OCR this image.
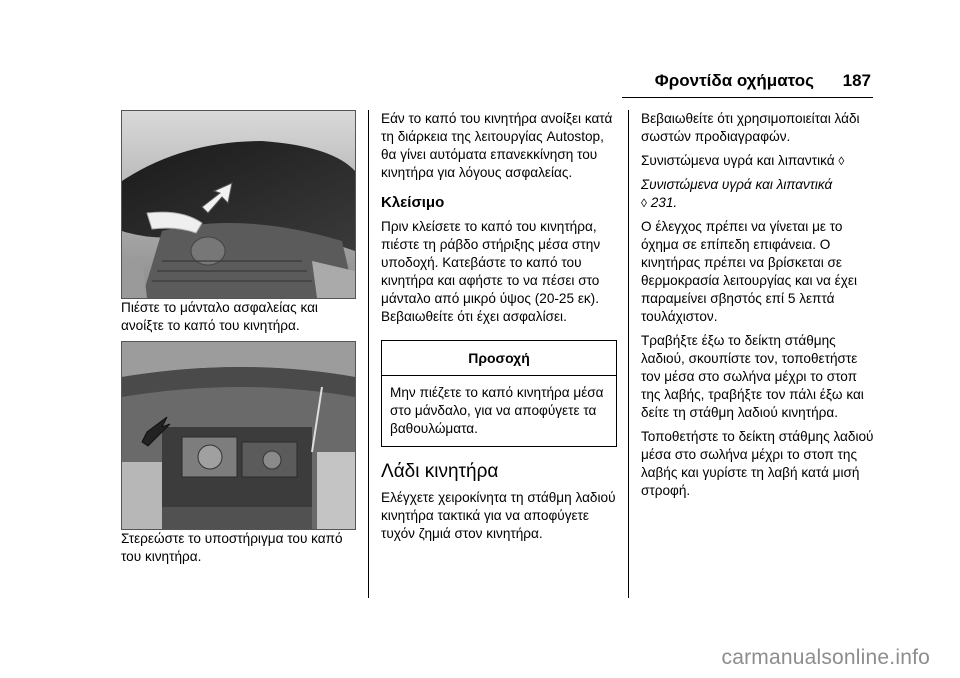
Φροντίδα οχήματος 187

Πιέστε το μάνταλο ασφαλείας και ανοίξτε το καπό του κινητήρα.

Στερεώστε το υποστήριγμα του καπό του κινητήρα.

Εάν το καπό του κινητήρα ανοίξει κατά τη διάρκεια της λειτουργίας Autostop, θα γίνει αυτόματα επανεκκίνηση του κινητήρα για λόγους ασφαλείας.

Κλείσιμο

Πριν κλείσετε το καπό του κινητήρα, πιέστε τη ράβδο στήριξης μέσα στην υποδοχή. Κατεβάστε το καπό του κινητήρα και αφήστε το να πέσει στο μάνταλο από μικρό ύψος (20-25 εκ). Βεβαιωθείτε ότι έχει ασφαλίσει.

Προσοχή
Μην πιέζετε το καπό κινητήρα μέσα στο μάνδαλο, για να αποφύγετε τα βαθουλώματα.
Λάδι κινητήρα

Ελέγχετε χειροκίνητα τη στάθμη λαδιού κινητήρα τακτικά για να αποφύγετε τυχόν ζημιά στον κινητήρα.

Βεβαιωθείτε ότι χρησιμοποιείται λάδι σωστών προδιαγραφών.

Συνιστώμενα υγρά και λιπαντικά ◊

Συνιστώμενα υγρά και λιπαντικά
◊ 231.

Ο έλεγχος πρέπει να γίνεται με το όχημα σε επίπεδη επιφάνεια. Ο κινητήρας πρέπει να βρίσκεται σε θερμοκρασία λειτουργίας και να έχει παραμείνει σβηστός επί 5 λεπτά τουλάχιστον.

Τραβήξτε έξω το δείκτη στάθμης λαδιού, σκουπίστε τον, τοποθετήστε τον μέσα στο σωλήνα μέχρι το στοπ της λαβής, τραβήξτε τον πάλι έξω και δείτε τη στάθμη λαδιού κινητήρα.

Τοποθετήστε το δείκτη στάθμης λαδιού μέσα στο σωλήνα μέχρι το στοπ της λαβής και γυρίστε τη λαβή κατά μισή στροφή.

carmanualsonline.info
